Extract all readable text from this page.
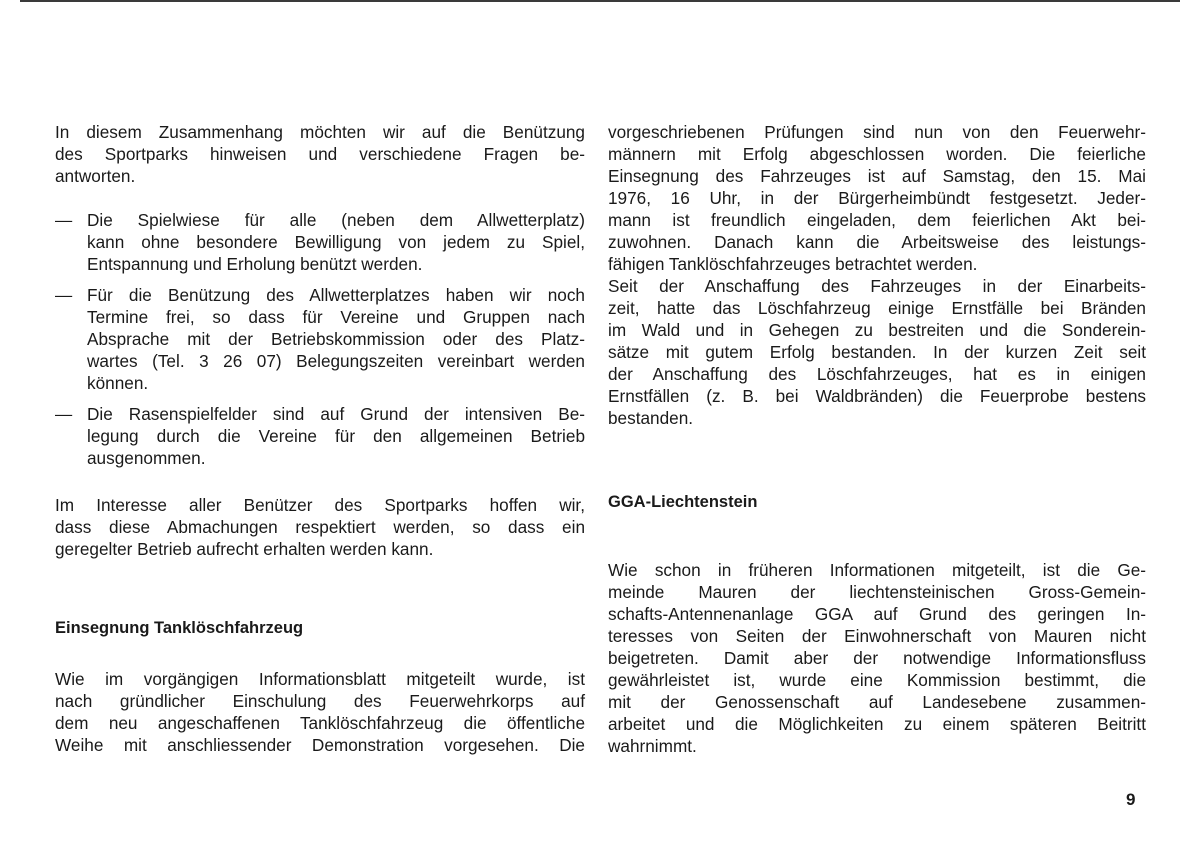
In diesem Zusammenhang möchten wir auf die Benützung
des Sportparks hinweisen und verschiedene Fragen be-
antworten.

— Die Spielwiese für alle (neben dem Allwetterplatz)
kann ohne besondere Bewilligung von jedem zu Spiel,
Entspannung und Erholung benützt werden.
— Für die Benützung des Allwetterplatzes haben wir noch
Termine frei, so dass für Vereine und Gruppen nach
Absprache mit der Betriebskommission oder des Platz-
wartes (Tel. 3 26 07) Belegungszeiten vereinbart werden
können.
— Die Rasenspielfelder sind auf Grund der intensiven Be-
legung durch die Vereine für den allgemeinen Betrieb
ausgenommen.

Im Interesse aller Benützer des Sportparks hoffen wir,
dass diese Abmachungen respektiert werden, so dass ein
geregelter Betrieb aufrecht erhalten werden kann.

Einsegnung Tanklöschfahrzeug

Wie im vorgängigen Informationsblatt mitgeteilt wurde, ist
nach gründlicher Einschulung des Feuerwehrkorps auf
dem neu angeschaffenen Tanklöschfahrzeug die öffentliche
Weihe mit anschliessender Demonstration vorgesehen. Die

vorgeschriebenen Prüfungen sind nun von den Feuerwehr-
männern mit Erfolg abgeschlossen worden. Die feierliche
Einsegnung des Fahrzeuges ist auf Samstag, den 15. Mai
1976, 16 Uhr, in der Bürgerheimbündt festgesetzt. Jeder-
mann ist freundlich eingeladen, dem feierlichen Akt bei-
zuwohnen. Danach kann die Arbeitsweise des leistungs-
fähigen Tanklöschfahrzeuges betrachtet werden.

Seit der Anschaffung des Fahrzeuges in der Einarbeits-
zeit, hatte das Löschfahrzeug einige Ernstfälle bei Bränden
im Wald und in Gehegen zu bestreiten und die Sonderein-
sätze mit gutem Erfolg bestanden. In der kurzen Zeit seit
der Anschaffung des Löschfahrzeuges, hat es in einigen
Ernstfällen (z. B. bei Waldbränden) die Feuerprobe bestens
bestanden.

GGA-Liechtenstein

Wie schon in früheren Informationen mitgeteilt, ist die Ge-
meinde Mauren der liechtensteinischen Gross-Gemein-
schafts-Antennenanlage GGA auf Grund des geringen In-
teresses von Seiten der Einwohnerschaft von Mauren nicht
beigetreten. Damit aber der notwendige Informationsfluss
gewährleistet ist, wurde eine Kommission bestimmt, die
mit der Genossenschaft auf Landesebene zusammen-
arbeitet und die Möglichkeiten zu einem späteren Beitritt
wahrnimmt.

9
